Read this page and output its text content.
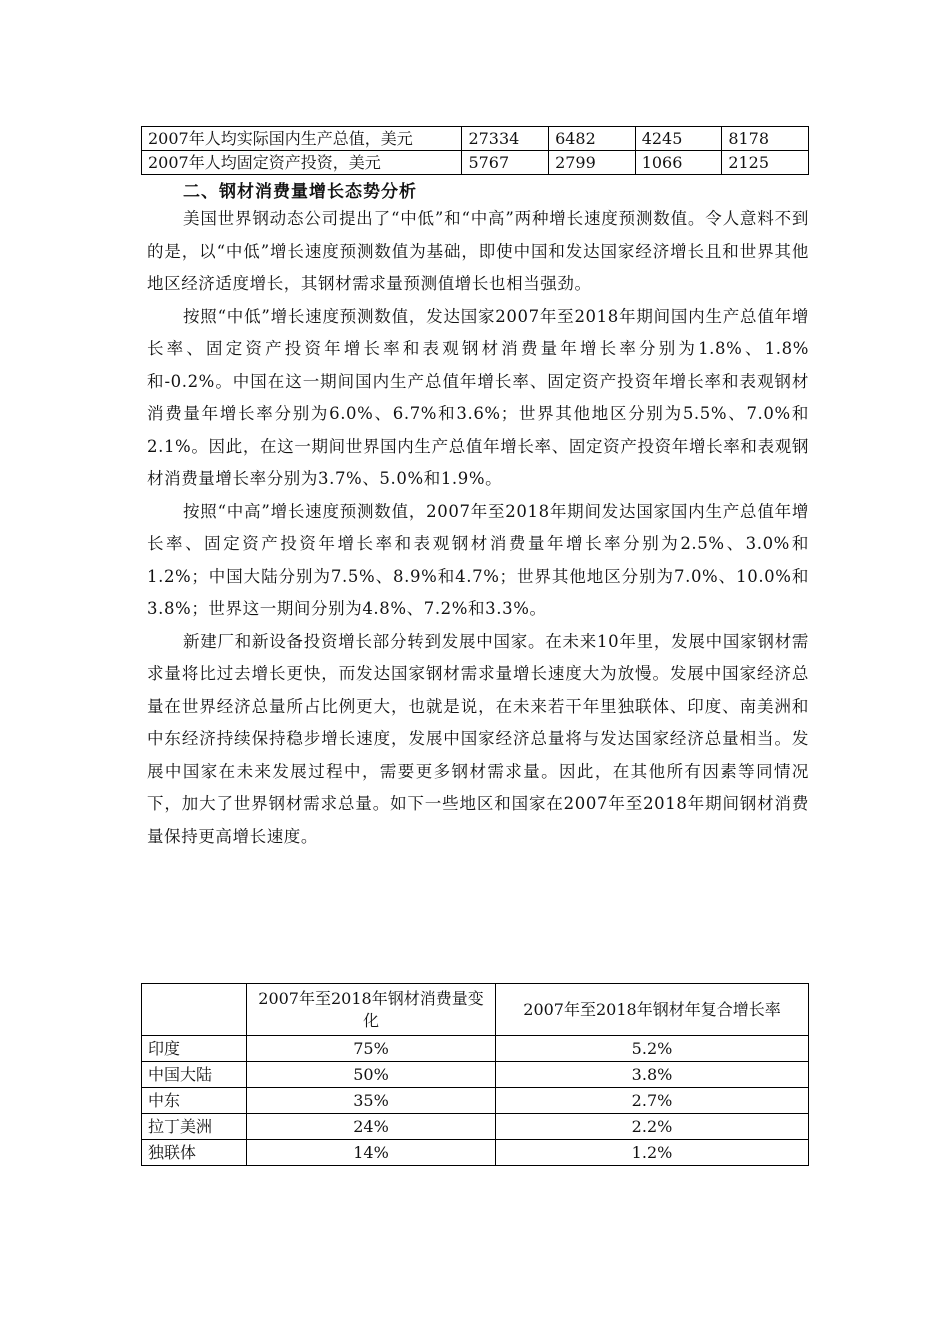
2007年人均实际国内生产总值，美元	27334	6482	4245	8178
2007年人均固定资产投资，美元	5767	2799	1066	2125
二、钢材消费量增长态势分析

美国世界钢动态公司提出了“中低”和“中高”两种增长速度预测数值。令人意料不到的是，以“中低”增长速度预测数值为基础，即使中国和发达国家经济增长且和世界其他地区经济适度增长，其钢材需求量预测值增长也相当强劲。

按照“中低”增长速度预测数值，发达国家2007年至2018年期间国内生产总值年增长率、固定资产投资年增长率和表观钢材消费量年增长率分别为1.8%、1.8%和-0.2%。中国在这一期间国内生产总值年增长率、固定资产投资年增长率和表观钢材消费量年增长率分别为6.0%、6.7%和3.6%；世界其他地区分别为5.5%、7.0%和2.1%。因此，在这一期间世界国内生产总值年增长率、固定资产投资年增长率和表观钢材消费量增长率分别为3.7%、5.0%和1.9%。

按照“中高”增长速度预测数值，2007年至2018年期间发达国家国内生产总值年增长率、固定资产投资年增长率和表观钢材消费量年增长率分别为2.5%、3.0%和1.2%；中国大陆分别为7.5%、8.9%和4.7%；世界其他地区分别为7.0%、10.0%和3.8%；世界这一期间分别为4.8%、7.2%和3.3%。

新建厂和新设备投资增长部分转到发展中国家。在未来10年里，发展中国家钢材需求量将比过去增长更快，而发达国家钢材需求量增长速度大为放慢。发展中国家经济总量在世界经济总量所占比例更大，也就是说，在未来若干年里独联体、印度、南美洲和中东经济持续保持稳步增长速度，发展中国家经济总量将与发达国家经济总量相当。发展中国家在未来发展过程中，需要更多钢材需求量。因此，在其他所有因素等同情况下，加大了世界钢材需求总量。如下一些地区和国家在2007年至2018年期间钢材消费量保持更高增长速度。

	2007年至2018年钢材消费量变化	2007年至2018年钢材年复合增长率
印度	75%	5.2%
中国大陆	50%	3.8%
中东	35%	2.7%
拉丁美洲	24%	2.2%
独联体	14%	1.2%
